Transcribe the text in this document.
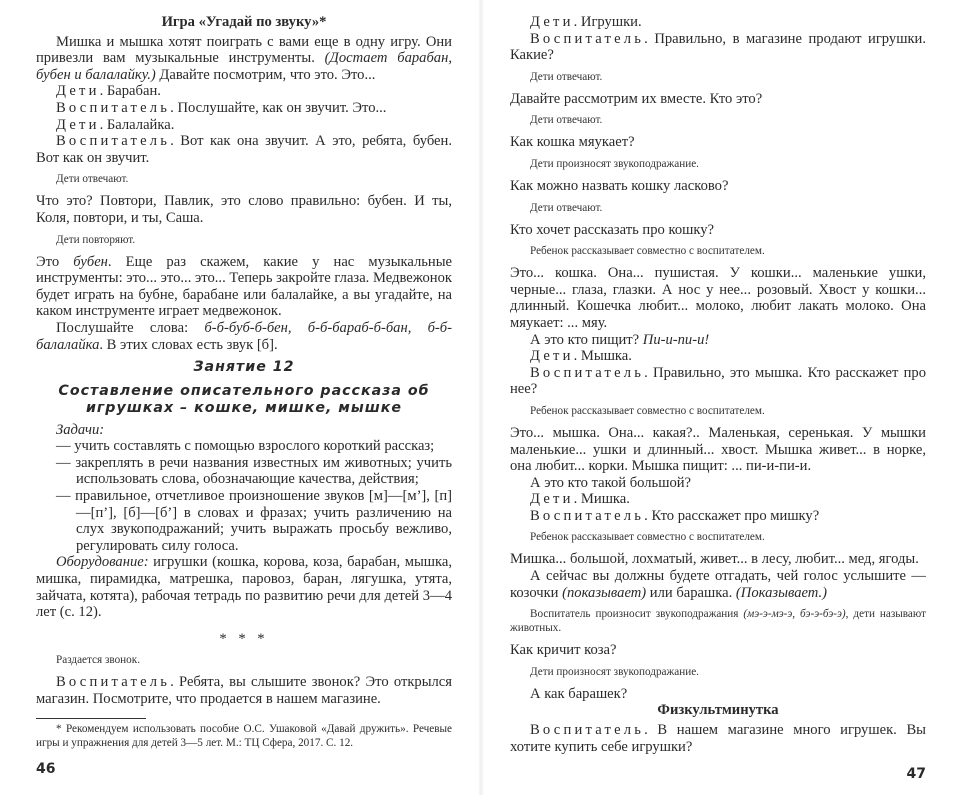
Игра «Угадай по звуку»*
Мишка и мышка хотят поиграть с вами еще в одну игру. Они привезли вам музыкальные инструменты. (Достает барабан, бубен и балалайку.) Давайте посмотрим, что это. Это...
Дети. Барабан.
Воспитатель. Послушайте, как он звучит. Это...
Дети. Балалайка.
Воспитатель. Вот как она звучит. А это, ребята, бубен. Вот как он звучит.
Дети отвечают.
Что это? Повтори, Павлик, это слово правильно: бубен. И ты, Коля, повтори, и ты, Саша.
Дети повторяют.
Это бубен. Еще раз скажем, какие у нас музыкальные инструменты: это... это... это... Теперь закройте глаза. Медвежонок будет играть на бубне, барабане или балалайке, а вы угадайте, на каком инструменте играет медвежонок.
Послушайте слова: б-б-буб-б-бен, б-б-бараб-б-бан, б-б-балалайка. В этих словах есть звук [б].
Занятие 12
Составление описательного рассказа об игрушках – кошке, мишке, мышке
Задачи:
— учить составлять с помощью взрослого короткий рассказ;
— закреплять в речи названия известных им животных; учить использовать слова, обозначающие качества, действия;
— правильное, отчетливое произношение звуков [м]—[м’], [п]—[п’], [б]—[б’] в словах и фразах; учить различению на слух звукоподражаний; учить выражать просьбу вежливо, регулировать силу голоса.
Оборудование: игрушки (кошка, корова, коза, барабан, мышка, мишка, пирамидка, матрешка, паровоз, баран, лягушка, утята, зайчата, котята), рабочая тетрадь по развитию речи для детей 3—4 лет (с. 12).
* * *
Раздается звонок.
Воспитатель. Ребята, вы слышите звонок? Это открылся магазин. Посмотрите, что продается в нашем магазине.
* Рекомендуем использовать пособие О.С. Ушаковой «Давай дружить». Речевые игры и упражнения для детей 3—5 лет. М.: ТЦ Сфера, 2017. С. 12.
46
Дети. Игрушки.
Воспитатель. Правильно, в магазине продают игрушки. Какие?
Дети отвечают.
Давайте рассмотрим их вместе. Кто это?
Дети отвечают.
Как кошка мяукает?
Дети произносят звукоподражание.
Как можно назвать кошку ласково?
Дети отвечают.
Кто хочет рассказать про кошку?
Ребенок рассказывает совместно с воспитателем.
Это... кошка. Она... пушистая. У кошки... маленькие ушки, черные... глаза, глазки. А нос у нее... розовый. Хвост у кошки... длинный. Кошечка любит... молоко, любит лакать молоко. Она мяукает: ... мяу.
А это кто пищит? Пи-и-пи-и!
Дети. Мышка.
Воспитатель. Правильно, это мышка. Кто расскажет про нее?
Ребенок рассказывает совместно с воспитателем.
Это... мышка. Она... какая?.. Маленькая, серенькая. У мышки маленькие... ушки и длинный... хвост. Мышка живет... в норке, она любит... корки. Мышка пищит: ... пи-и-пи-и.
А это кто такой большой?
Дети. Мишка.
Воспитатель. Кто расскажет про мишку?
Ребенок рассказывает совместно с воспитателем.
Мишка... большой, лохматый, живет... в лесу, любит... мед, ягоды.
А сейчас вы должны будете отгадать, чей голос услышите — козочки (показывает) или барашка. (Показывает.)
Воспитатель произносит звукоподражания (мэ-э-мэ-э, бэ-э-бэ-э), дети называют животных.
Как кричит коза?
Дети произносят звукоподражание.
А как барашек?
Физкультминутка
Воспитатель. В нашем магазине много игрушек. Вы хотите купить себе игрушки?
47
